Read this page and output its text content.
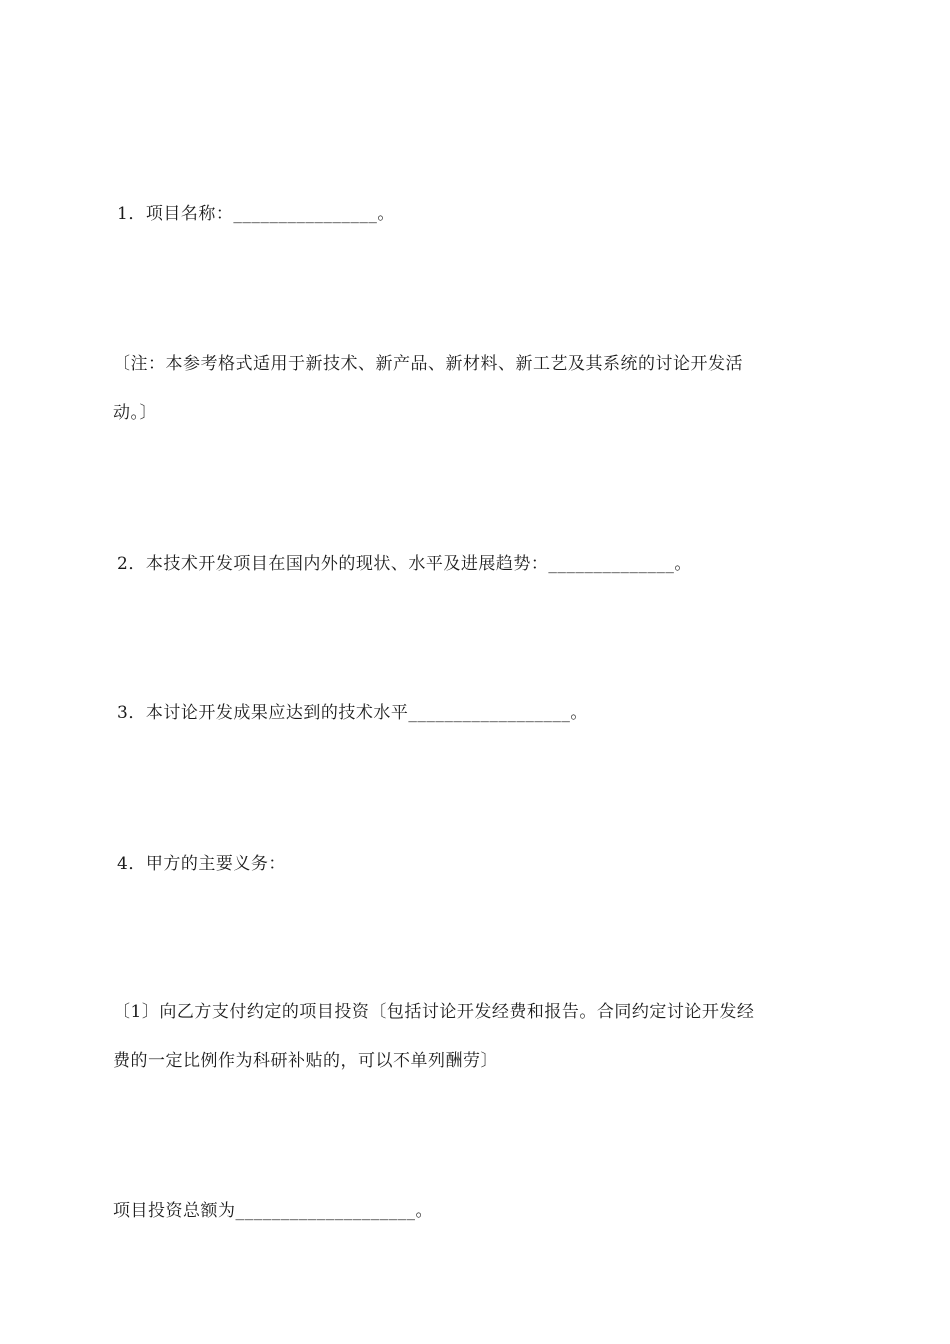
1．项目名称：________________。
〔注：本参考格式适用于新技术、新产品、新材料、新工艺及其系统的讨论开发活
动。〕
2．本技术开发项目在国内外的现状、水平及进展趋势：______________。
3．本讨论开发成果应达到的技术水平__________________。
4．甲方的主要义务：
〔1〕向乙方支付约定的项目投资〔包括讨论开发经费和报告。合同约定讨论开发经
费的一定比例作为科研补贴的，可以不单列酬劳〕
项目投资总额为____________________。
